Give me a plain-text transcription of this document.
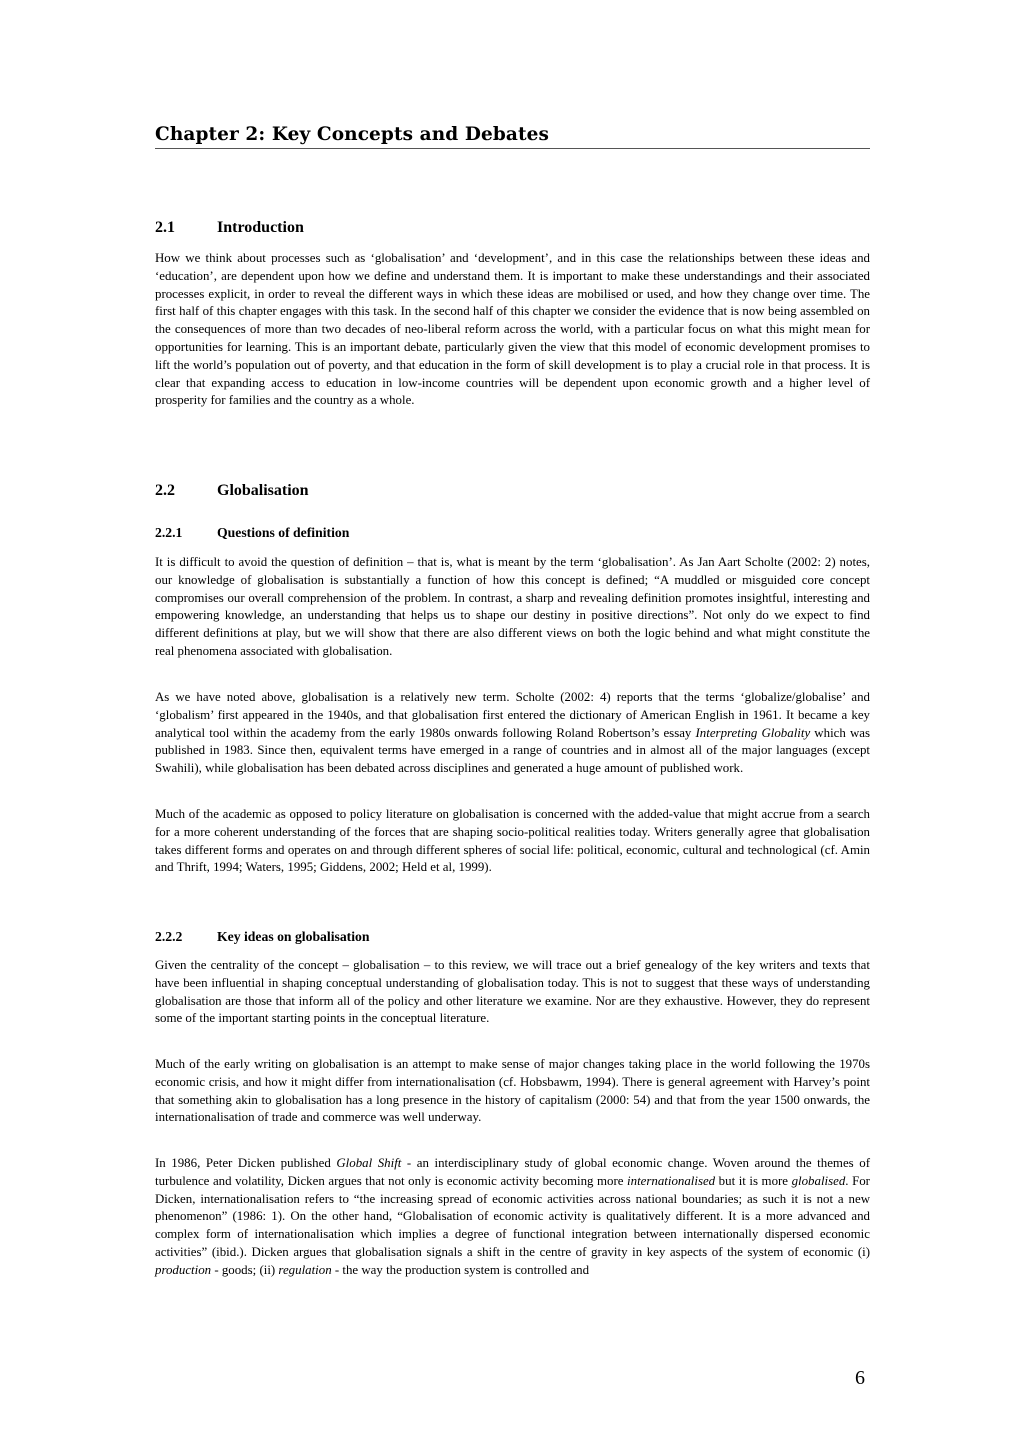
Chapter 2: Key Concepts and Debates
2.1	Introduction

How we think about processes such as ‘globalisation’ and ‘development’, and in this case the relationships between these ideas and ‘education’, are dependent upon how we define and understand them. It is important to make these understandings and their associated processes explicit, in order to reveal the different ways in which these ideas are mobilised or used, and how they change over time. The first half of this chapter engages with this task. In the second half of this chapter we consider the evidence that is now being assembled on the consequences of more than two decades of neo-liberal reform across the world, with a particular focus on what this might mean for opportunities for learning. This is an important debate, particularly given the view that this model of economic development promises to lift the world’s population out of poverty, and that education in the form of skill development is to play a crucial role in that process. It is clear that expanding access to education in low-income countries will be dependent upon economic growth and a higher level of prosperity for families and the country as a whole.

2.2	Globalisation
2.2.1	Questions of definition

It is difficult to avoid the question of definition – that is, what is meant by the term ‘globalisation’. As Jan Aart Scholte (2002: 2) notes, our knowledge of globalisation is substantially a function of how this concept is defined; “A muddled or misguided core concept compromises our overall comprehension of the problem. In contrast, a sharp and revealing definition promotes insightful, interesting and empowering knowledge, an understanding that helps us to shape our destiny in positive directions”. Not only do we expect to find different definitions at play, but we will show that there are also different views on both the logic behind and what might constitute the real phenomena associated with globalisation.

As we have noted above, globalisation is a relatively new term. Scholte (2002: 4) reports that the terms ‘globalize/globalise’ and ‘globalism’ first appeared in the 1940s, and that globalisation first entered the dictionary of American English in 1961. It became a key analytical tool within the academy from the early 1980s onwards following Roland Robertson’s essay Interpreting Globality which was published in 1983. Since then, equivalent terms have emerged in a range of countries and in almost all of the major languages (except Swahili), while globalisation has been debated across disciplines and generated a huge amount of published work.

Much of the academic as opposed to policy literature on globalisation is concerned with the added-value that might accrue from a search for a more coherent understanding of the forces that are shaping socio-political realities today. Writers generally agree that globalisation takes different forms and operates on and through different spheres of social life: political, economic, cultural and technological (cf. Amin and Thrift, 1994; Waters, 1995; Giddens, 2002; Held et al, 1999).

2.2.2	Key ideas on globalisation

Given the centrality of the concept – globalisation – to this review, we will trace out a brief genealogy of the key writers and texts that have been influential in shaping conceptual understanding of globalisation today. This is not to suggest that these ways of understanding globalisation are those that inform all of the policy and other literature we examine. Nor are they exhaustive. However, they do represent some of the important starting points in the conceptual literature.

Much of the early writing on globalisation is an attempt to make sense of major changes taking place in the world following the 1970s economic crisis, and how it might differ from internationalisation (cf. Hobsbawm, 1994). There is general agreement with Harvey’s point that something akin to globalisation has a long presence in the history of capitalism (2000: 54) and that from the year 1500 onwards, the internationalisation of trade and commerce was well underway.

In 1986, Peter Dicken published Global Shift - an interdisciplinary study of global economic change. Woven around the themes of turbulence and volatility, Dicken argues that not only is economic activity becoming more internationalised but it is more globalised. For Dicken, internationalisation refers to “the increasing spread of economic activities across national boundaries; as such it is not a new phenomenon” (1986: 1). On the other hand, “Globalisation of economic activity is qualitatively different. It is a more advanced and complex form of internationalisation which implies a degree of functional integration between internationally dispersed economic activities” (ibid.). Dicken argues that globalisation signals a shift in the centre of gravity in key aspects of the system of economic (i) production - goods; (ii) regulation - the way the production system is controlled and

6
